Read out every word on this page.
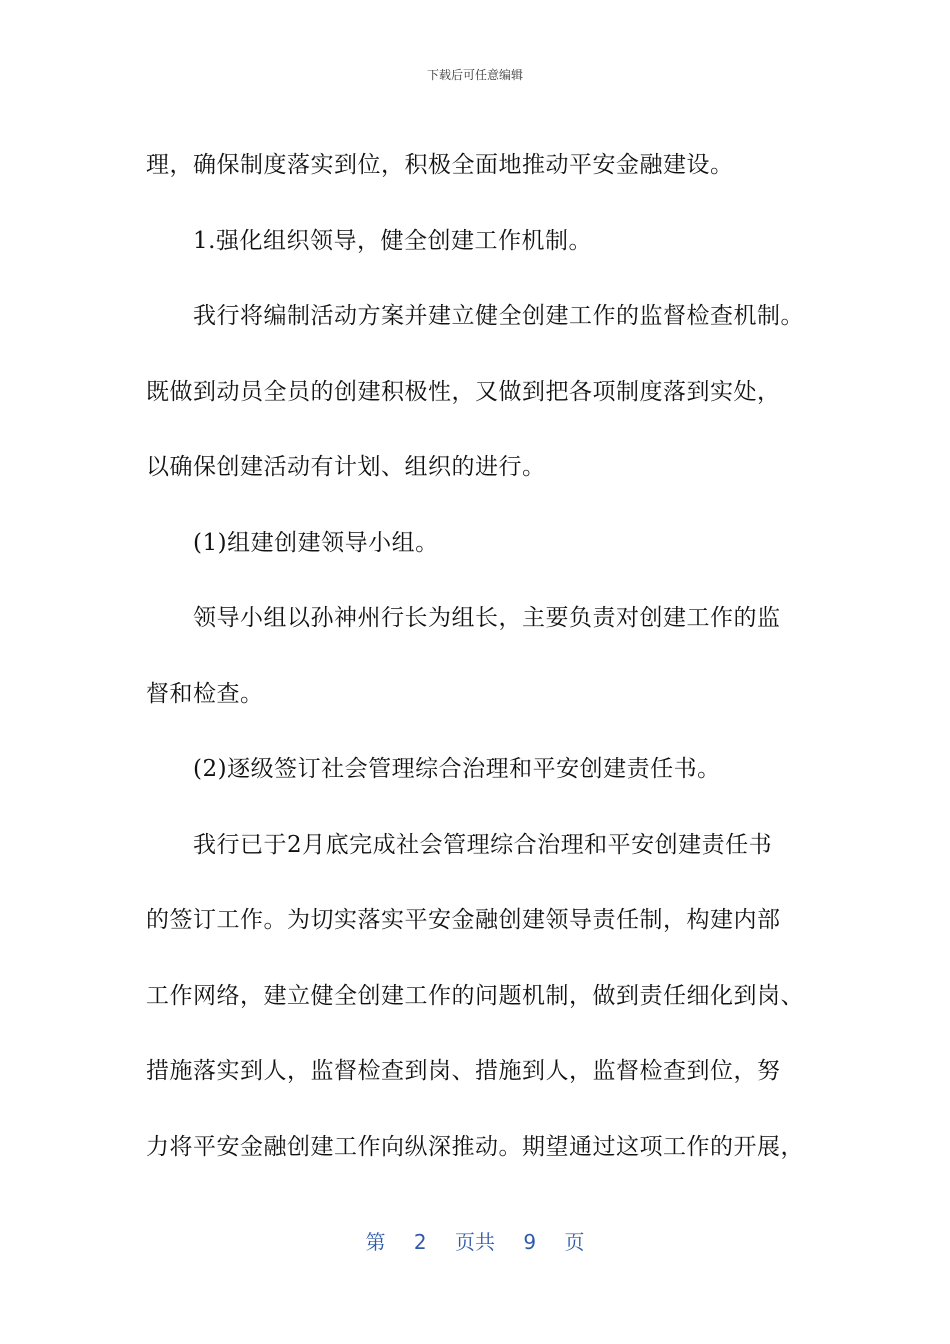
下载后可任意编辑
理，确保制度落实到位，积极全面地推动平安金融建设。
1.强化组织领导，健全创建工作机制。
我行将编制活动方案并建立健全创建工作的监督检查机制。
既做到动员全员的创建积极性，又做到把各项制度落到实处，
以确保创建活动有计划、组织的进行。
(1)组建创建领导小组。
领导小组以孙神州行长为组长，主要负责对创建工作的监
督和检查。
(2)逐级签订社会管理综合治理和平安创建责任书。
我行已于2月底完成社会管理综合治理和平安创建责任书
的签订工作。为切实落实平安金融创建领导责任制，构建内部
工作网络，建立健全创建工作的问题机制，做到责任细化到岗、
措施落实到人，监督检查到岗、措施到人，监督检查到位，努
力将平安金融创建工作向纵深推动。期望通过这项工作的开展，
第 2 页共 9 页
